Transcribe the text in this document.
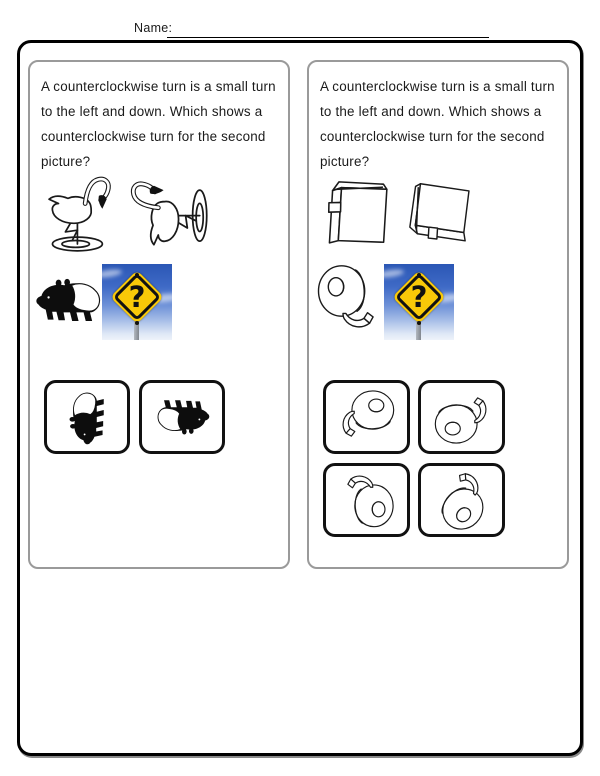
Name:
A counterclockwise turn is a small turn to the left and down. Which shows a counterclockwise turn for the second picture?
?
A counterclockwise turn is a small turn to the left and down. Which shows a counterclockwise turn for the second picture?
?
